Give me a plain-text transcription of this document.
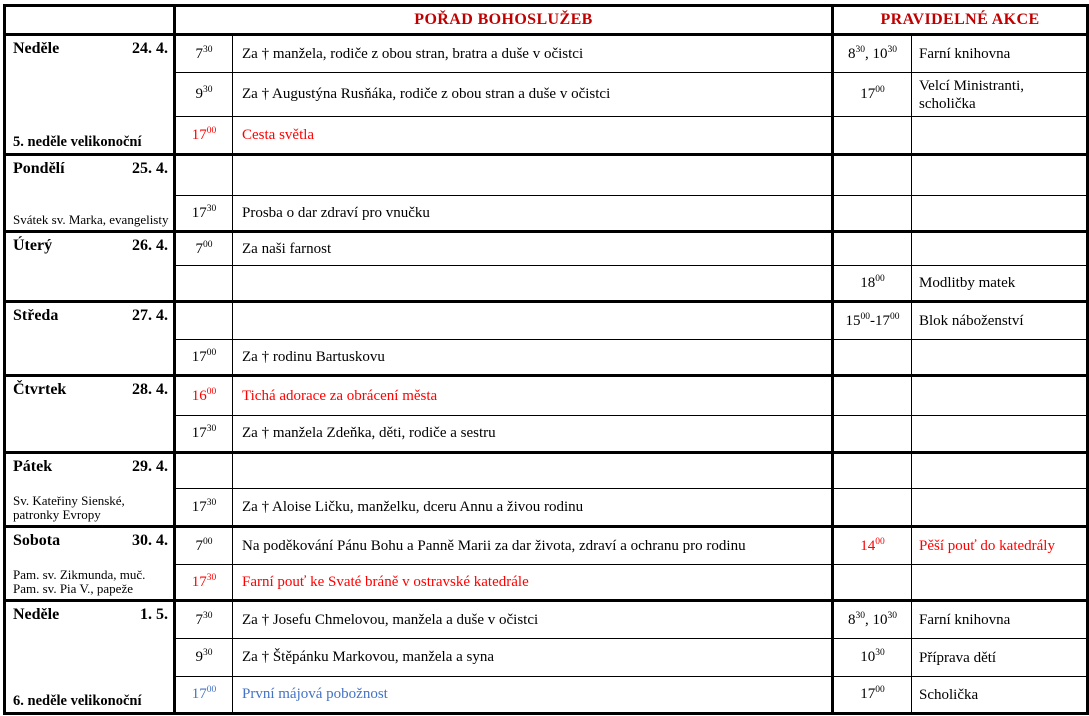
	POŘAD BOHOSLUŽEB		PRAVIDELNÉ AKCE	

Neděle 24. 4.
5. neděle velikonoční	$7^{30}$	Za † manžela, rodiče z obou stran, bratra a duše v očistci	$8^{30}$, $10^{30}$	Farní knihovna
	$9^{30}$	Za † Augustýna Rusňáka, rodiče z obou stran a duše v očistci	$17^{00}$	Velcí Ministranti, scholička
	$17^{00}$	Cesta světla		

Pondělí 25. 4.
Svátek sv. Marka, evangelisty				

	$17^{30}$	Prosba o dar zdraví pro vnučku		

Úterý 26. 4.	$7^{00}$	Za naši farnost		
			$18^{00}$	Modlitby matek

Středa 27. 4.			$15^{00}-17^{00}$	Blok náboženství
	$17^{00}$	Za † rodinu Bartuskovu		

Čtvrtek 28. 4.	$16^{00}$	Tichá adorace za obrácení města		
	$17^{30}$	Za † manžela Zdeňka, děti, rodiče a sestru		

Pátek 29. 4.
Sv. Kateřiny Sienské, patronky Evropy				

	$17^{30}$	Za † Aloise Ličku, manželku, dceru Annu a živou rodinu		

Sobota 30. 4.
Pam. sv. Zikmunda, muč. Pam. sv. Pia V., papeže	$7^{00}$	Na poděkování Pánu Bohu a Panně Marii za dar života, zdraví a ochranu pro rodinu	$14^{00}$	Pěší pouť do katedrály
	$17^{30}$	Farní pouť ke Svaté bráně v ostravské katedrále		

Neděle 1. 5.
6. neděle velikonoční	$7^{30}$	Za † Josefu Chmelovou, manžela a duše v očistci	$8^{30}$, $10^{30}$	Farní knihovna
	$9^{30}$	Za † Štěpánku Markovou, manžela a syna	$10^{30}$	Příprava dětí
	$17^{00}$	První májová pobožnost	$17^{00}$	Scholička
